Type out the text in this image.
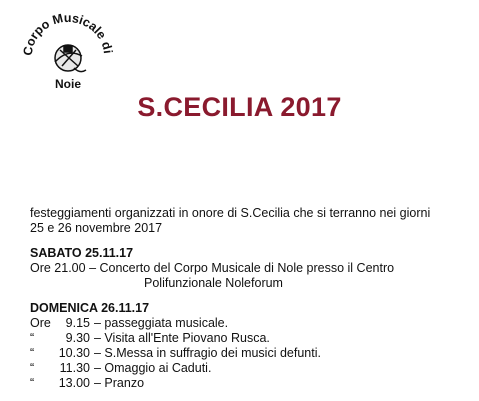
Corpo Musicale di
Noie
S.CECILIA 2017
festeggiamenti organizzati in onore di S.Cecilia che si terranno nei giorni
25 e 26 novembre 2017
SABATO 25.11.17
Ore 21.00 – Concerto del Corpo Musicale di Nole presso il Centro
Polifunzionale Noleforum
DOMENICA 26.11.17
Ore	9.15 – passeggiata musicale.
“	9.30 – Visita all'Ente Piovano Rusca.
“	10.30 – S.Messa in suffragio dei musici defunti.
“	11.30 – Omaggio ai Caduti.
“	13.00 – Pranzo
